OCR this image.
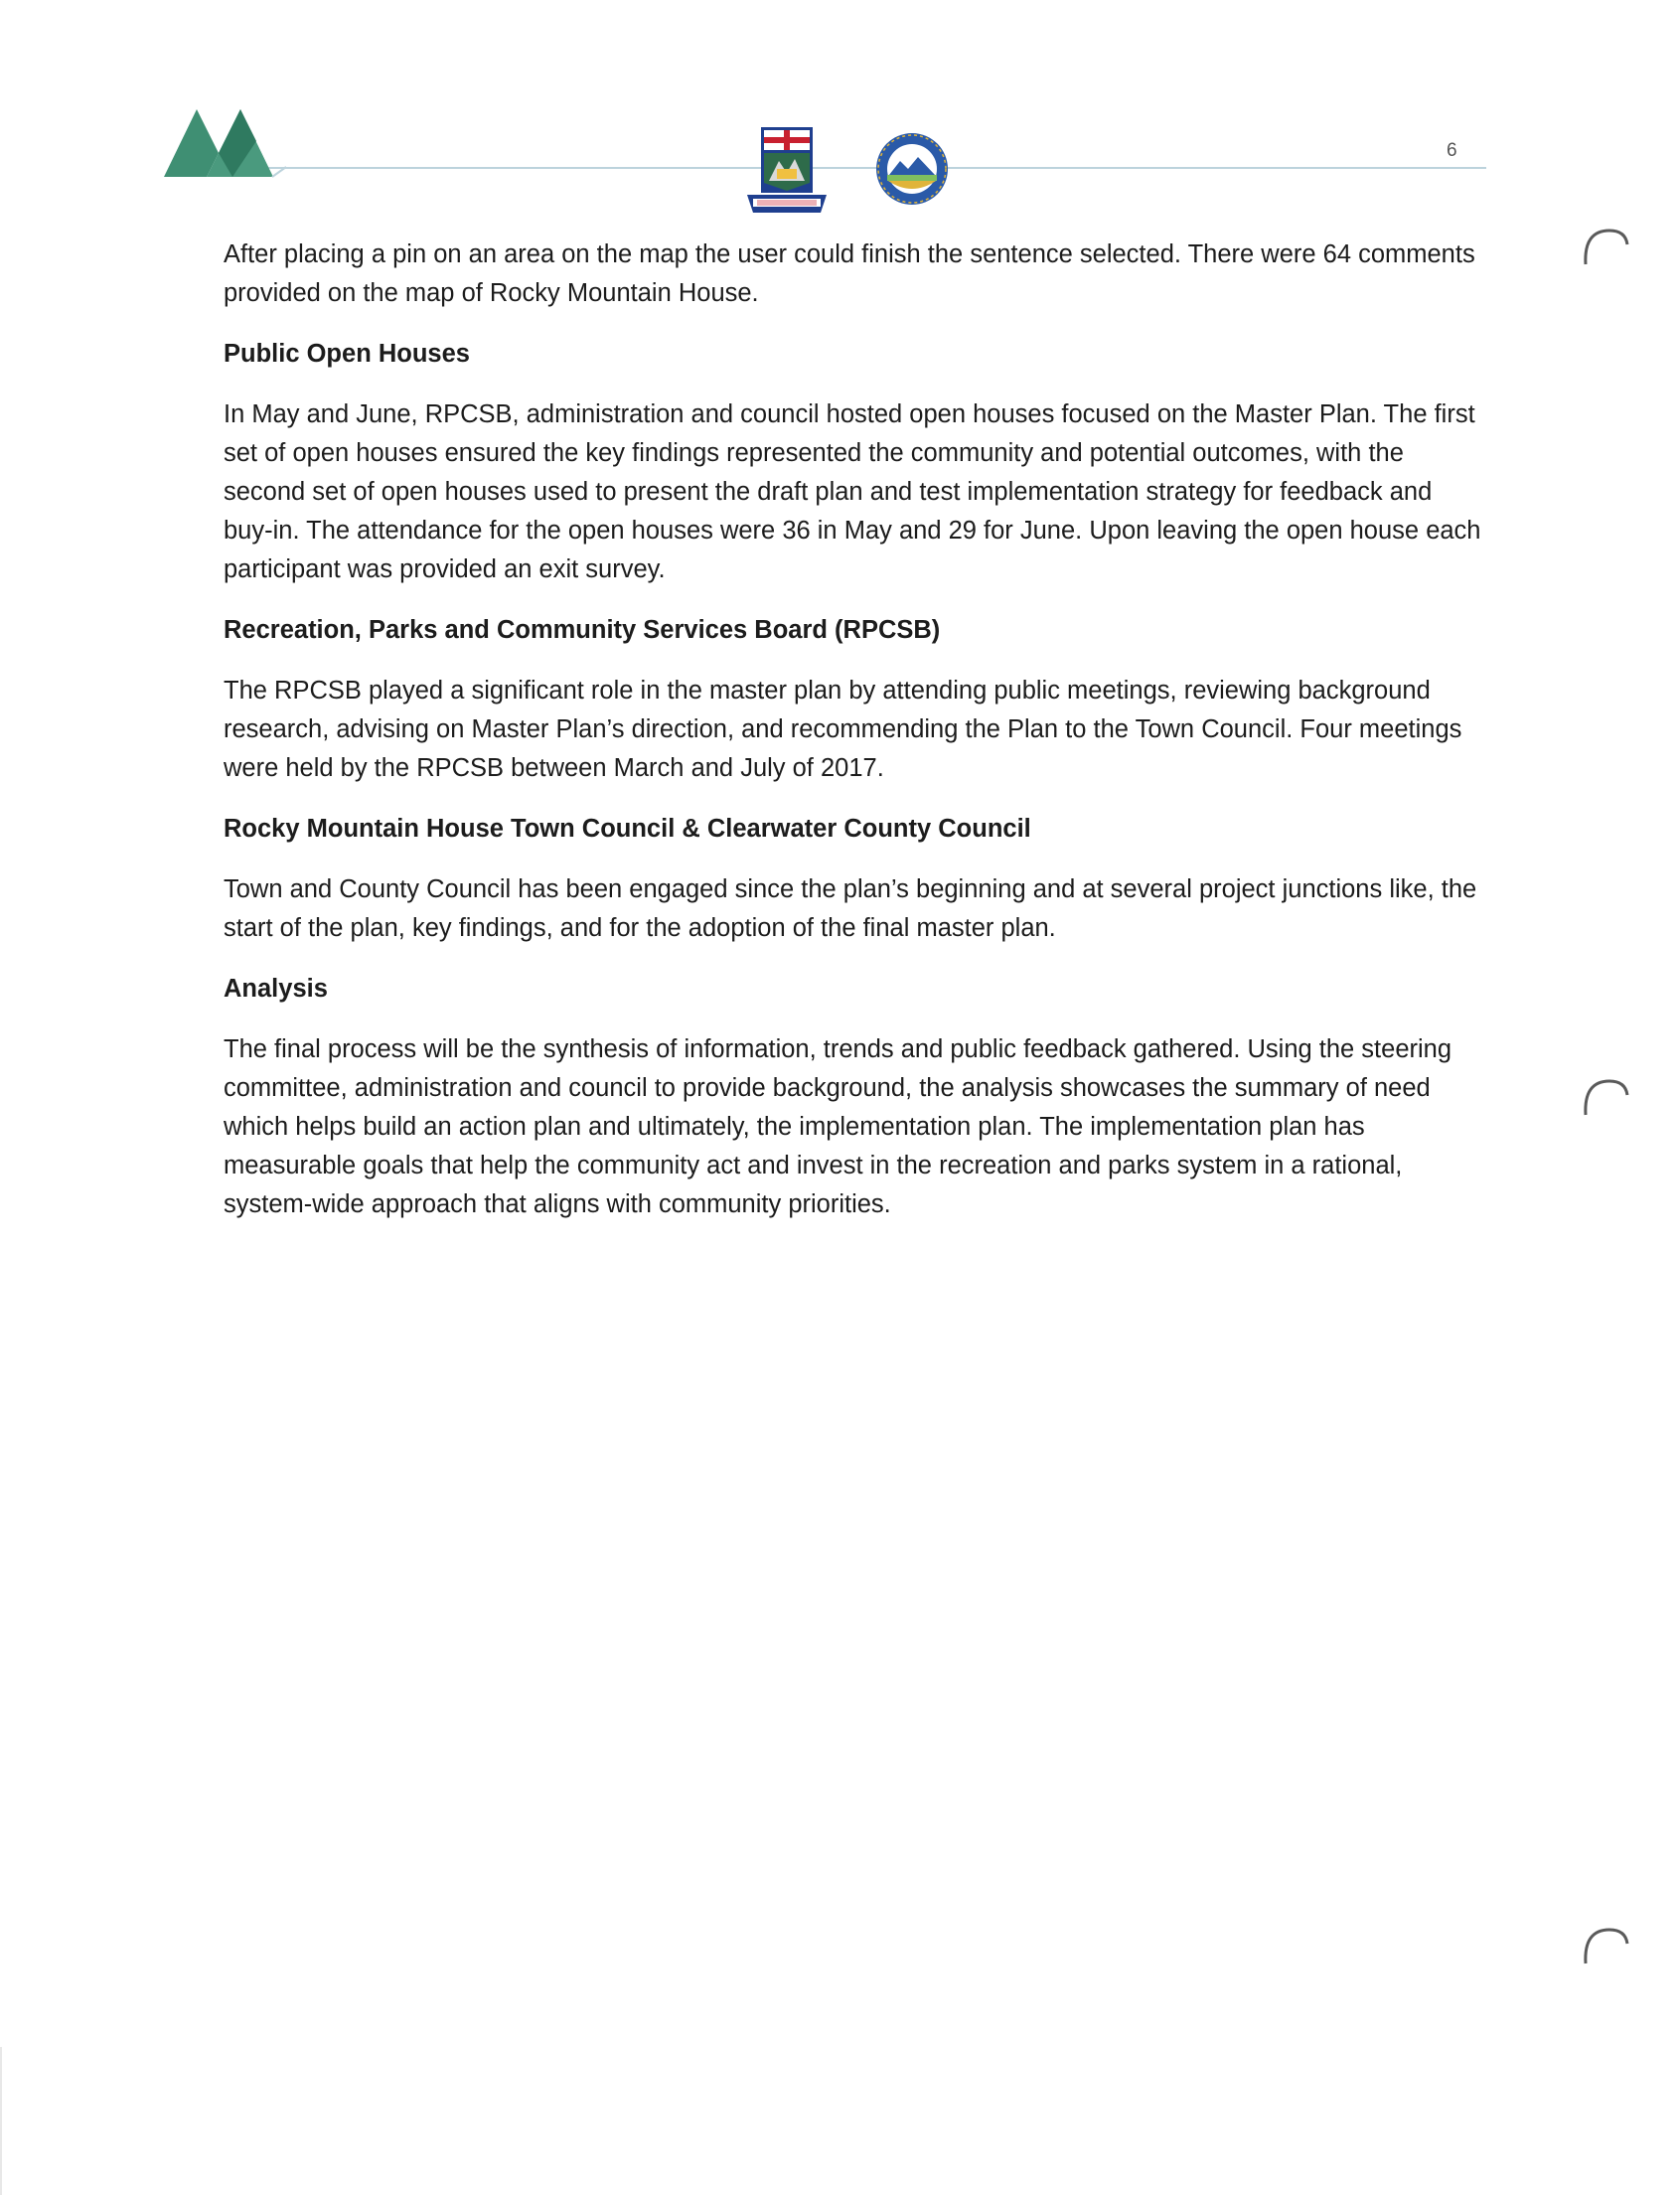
6

After placing a pin on an area on the map the user could finish the sentence selected. There were 64 comments provided on the map of Rocky Mountain House.

Public Open Houses

In May and June, RPCSB, administration and council hosted open houses focused on the Master Plan. The first set of open houses ensured the key findings represented the community and potential outcomes, with the second set of open houses used to present the draft plan and test implementation strategy for feedback and buy-in. The attendance for the open houses were 36 in May and 29 for June. Upon leaving the open house each participant was provided an exit survey.

Recreation, Parks and Community Services Board (RPCSB)

The RPCSB played a significant role in the master plan by attending public meetings, reviewing background research, advising on Master Plan’s direction, and recommending the Plan to the Town Council. Four meetings were held by the RPCSB between March and July of 2017.

Rocky Mountain House Town Council & Clearwater County Council

Town and County Council has been engaged since the plan’s beginning and at several project junctions like, the start of the plan, key findings, and for the adoption of the final master plan.

Analysis

The final process will be the synthesis of information, trends and public feedback gathered. Using the steering committee, administration and council to provide background, the analysis showcases the summary of need which helps build an action plan and ultimately, the implementation plan. The implementation plan has measurable goals that help the community act and invest in the recreation and parks system in a rational, system-wide approach that aligns with community priorities.
